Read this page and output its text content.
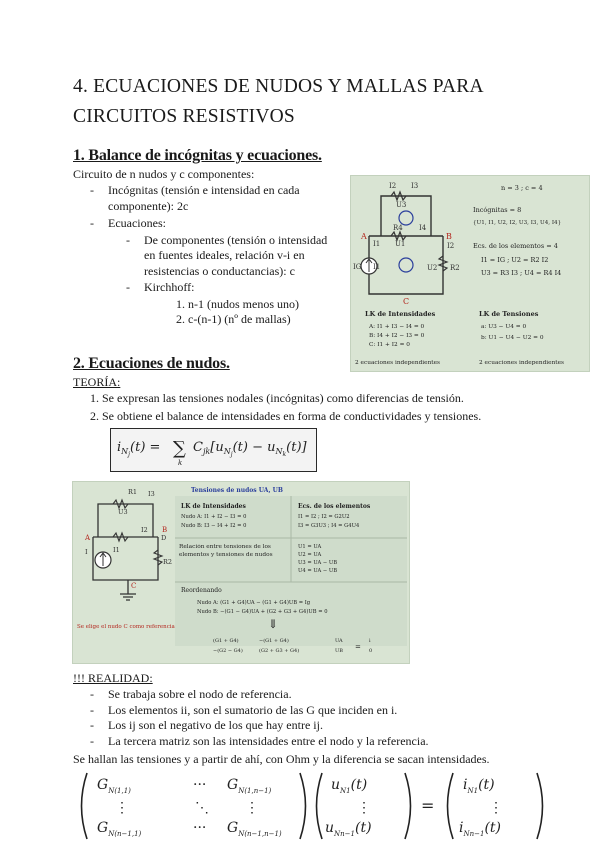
4. ECUACIONES DE NUDOS Y MALLAS PARA CIRCUITOS RESISTIVOS
1. Balance de incógnitas y ecuaciones.
Circuito de n nudos y c componentes:
- Incógnitas (tensión e intensidad en cada componente): 2c
- Ecuaciones:
- De componentes (tensión o intensidad en fuentes ideales, relación v-i en resistencias o conductancias): c
- Kirchhoff:
1. n-1 (nudos menos uno)
2. c-(n-1) (nº de mallas)
I2 I3
U3
R4 I4
U1
I1
I1
I2
U2 R2
IG
A	B
C
n = 3 ; c = 4
Incógnitas = 8
{U1, I1, U2, I2, U3, I3, U4, I4}
Ecs. de los elementos = 4
I1 = IG ; U2 = R2 I2
U3 = R3 I3 ; U4 = R4 I4
LK de Intensidades
A: I1 + I3 − I4 = 0
B: I4 + I2 − I3 = 0
C: I1 + I2 = 0
LK de Tensiones
a: U3 − U4 = 0
b: U1 − U4 − U2 = 0
2 ecuaciones independientes	2 ecuaciones independientes
2. Ecuaciones de nudos.
TEORÍA:
1. Se expresan las tensiones nodales (incógnitas) como diferencias de tensión.
2. Se obtiene el balance de intensidades en forma de conductividades y tensiones.
$i_Nj(t)$ = ∑
k
$C_{jk}[u_Nj(t) - u_Nk(t)]$
R1 I3
U3
I2
D
I1
I
R2
A
B
C
Se elige el nudo C como referencia
Tensiones de nudos UA, UB
LK de Intensidades
Nudo A: I1 + I2 − I3 = 0
Nudo B: I3 − I4 + I2 = 0
Ecs. de los elementos
I1 = I2 ; I2 = G2U2
I3 = G3U3 ; I4 = G4U4
Relación entre tensiones de los elementos y tensiones de nudos
U1 = UA
U2 = UA
U3 = UA − UB
U4 = UA − UB
Reordenando
Nudo A: (G1 + G4)UA − (G1 + G4)UB = Ig
Nudo B: −(G1 − G4)UA + (G2 + G3 + G4)UB = 0
⇓
(G1 + G4)	−(G1 + G4)
−(G2 − G4)	(G2 + G3 + G4)
UA
UB
i
0
=
!!! REALIDAD:
- Se trabaja sobre el nodo de referencia.
- Los elementos ii, son el sumatorio de las G que inciden en i.
- Los ij son el negativo de los que hay entre ij.
- La tercera matriz son las intensidades entre el nodo y la referencia.
Se hallan las tensiones y a partir de ahí, con Ohm y la diferencia se sacan intensidades.
$G_{N(1,1)}$	··· $G_{N(1,n-1)}$
⋮	⋱	⋮
$G_{N(n-1,1)}$	··· $G_{N(n-1,n-1)}$
$u_{N1}(t)$
⋮
$u_{Nn-1}(t)$
=
$i_{N1}(t)$
⋮
$i_{Nn-1}(t)$
